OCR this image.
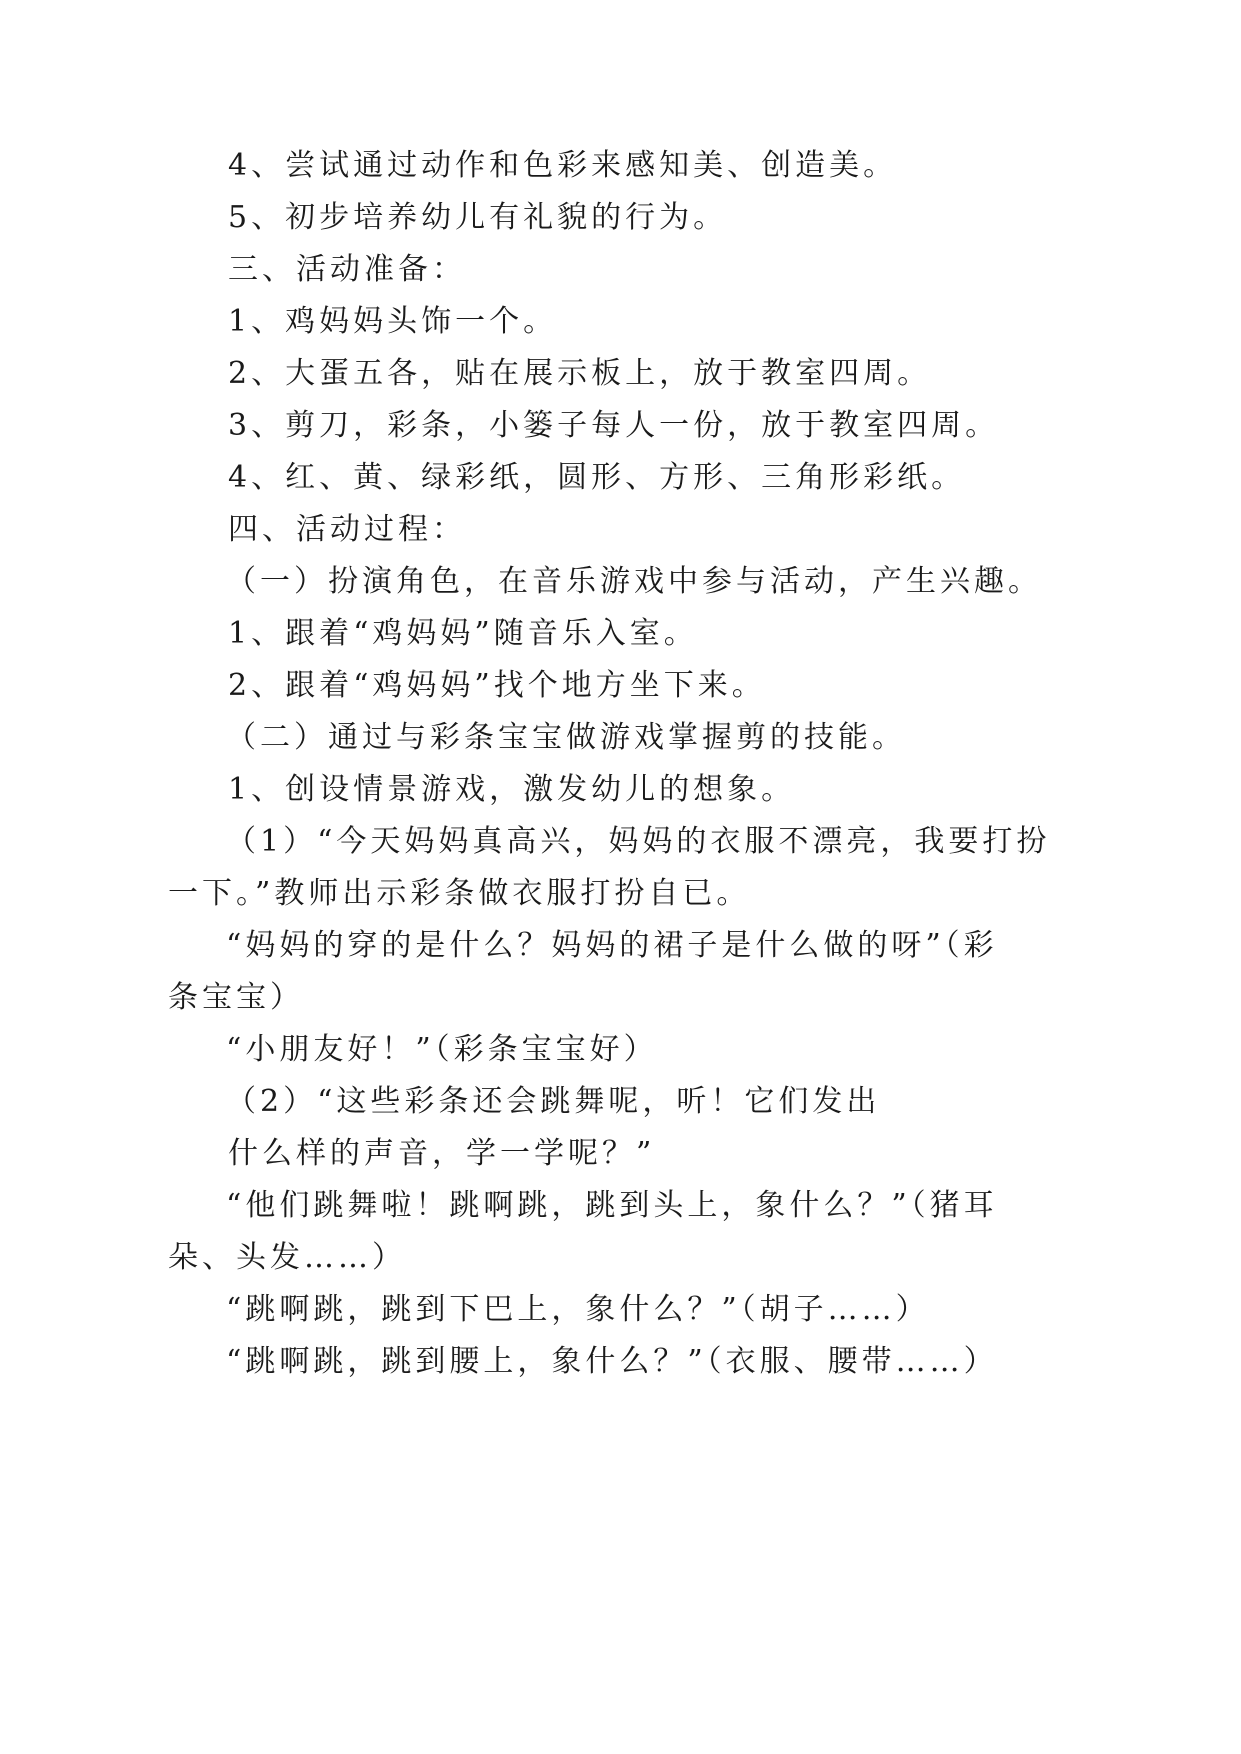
4、尝试通过动作和色彩来感知美、创造美。
5、初步培养幼儿有礼貌的行为。
三、活动准备：
1、鸡妈妈头饰一个。
2、大蛋五各，贴在展示板上，放于教室四周。
3、剪刀，彩条，小篓子每人一份，放于教室四周。
4、红、黄、绿彩纸，圆形、方形、三角形彩纸。
四、活动过程：
（一）扮演角色，在音乐游戏中参与活动，产生兴趣。
1、跟着“鸡妈妈”随音乐入室。
2、跟着“鸡妈妈”找个地方坐下来。
（二）通过与彩条宝宝做游戏掌握剪的技能。
1、创设情景游戏，激发幼儿的想象。
（1）“今天妈妈真高兴，妈妈的衣服不漂亮，我要打扮
一下。”教师出示彩条做衣服打扮自已。
“妈妈的穿的是什么？妈妈的裙子是什么做的呀”（彩
条宝宝）
“小朋友好！”（彩条宝宝好）
（2）“这些彩条还会跳舞呢，听！它们发出
什么样的声音，学一学呢？”
“他们跳舞啦！跳啊跳，跳到头上，象什么？”（猪耳
朵、头发……）
“跳啊跳，跳到下巴上，象什么？”（胡子……）
“跳啊跳，跳到腰上，象什么？”（衣服、腰带……）
